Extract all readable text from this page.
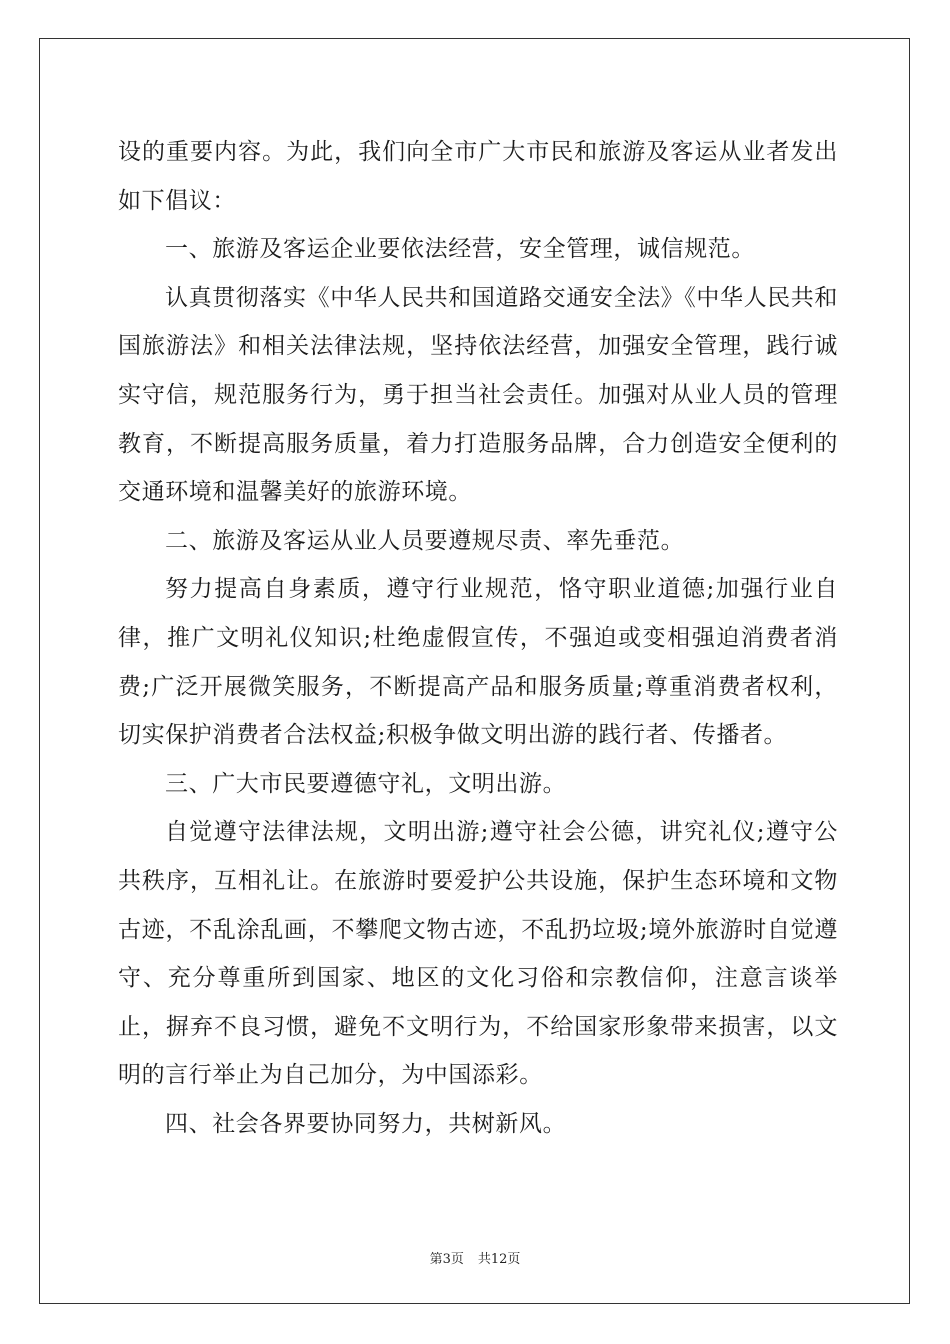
设的重要内容。为此，我们向全市广大市民和旅游及客运从业者发出如下倡议：

一、旅游及客运企业要依法经营，安全管理，诚信规范。

认真贯彻落实《中华人民共和国道路交通安全法》《中华人民共和国旅游法》和相关法律法规，坚持依法经营，加强安全管理，践行诚实守信，规范服务行为，勇于担当社会责任。加强对从业人员的管理教育，不断提高服务质量，着力打造服务品牌，合力创造安全便利的交通环境和温馨美好的旅游环境。

二、旅游及客运从业人员要遵规尽责、率先垂范。

努力提高自身素质，遵守行业规范，恪守职业道德;加强行业自律，推广文明礼仪知识;杜绝虚假宣传，不强迫或变相强迫消费者消费;广泛开展微笑服务，不断提高产品和服务质量;尊重消费者权利，切实保护消费者合法权益;积极争做文明出游的践行者、传播者。

三、广大市民要遵德守礼，文明出游。

自觉遵守法律法规，文明出游;遵守社会公德，讲究礼仪;遵守公共秩序，互相礼让。在旅游时要爱护公共设施，保护生态环境和文物古迹，不乱涂乱画，不攀爬文物古迹，不乱扔垃圾;境外旅游时自觉遵守、充分尊重所到国家、地区的文化习俗和宗教信仰，注意言谈举止，摒弃不良习惯，避免不文明行为，不给国家形象带来损害，以文明的言行举止为自己加分，为中国添彩。

四、社会各界要协同努力，共树新风。

第3页 共12页
